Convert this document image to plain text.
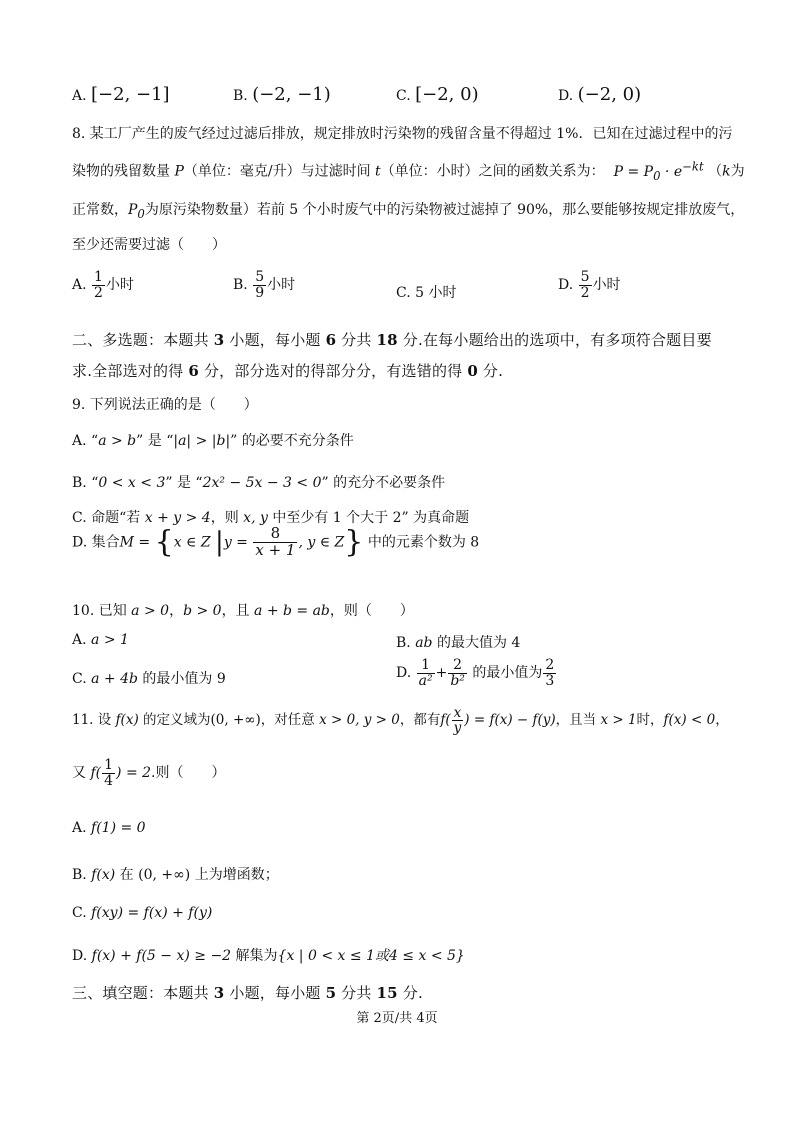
A. [−2, −1]	B. (−2, −1)	C. [−2, 0)	D. (−2, 0)
8. 某工厂产生的废气经过过滤后排放，规定排放时污染物的残留含量不得超过 1%．已知在过滤过程中的污
染物的残留数量 P（单位：毫克/升）与过滤时间 t（单位：小时）之间的函数关系为：  $P = P_0 \cdot e^{-kt}$ （k为
正常数，$P_0$为原污染物数量）若前 5 个小时废气中的污染物被过滤掉了 90%，那么要能够按规定排放废气，
至少还需要过滤（　　）
A. $\frac{1}{2}$ 小时	B. $\frac{5}{9}$ 小时	C. 5 小时	D. $\frac{5}{2}$ 小时
二、多选题：本题共 3 小题，每小题 6 分共 18 分.在每小题给出的选项中，有多项符合题目要
求.全部选对的得 6 分，部分选对的得部分分，有选错的得 0 分.
9. 下列说法正确的是（　　）
A. “a > b” 是 “|a| > |b|” 的必要不充分条件
B. “0 < x < 3” 是 “2x² − 5x − 3 < 0” 的充分不必要条件
C. 命题“若 x + y > 4，则 x, y 中至少有 1 个大于 2” 为真命题
D. 集合M = {x ∈ Z $|y = \frac{8}{x + 1}$ , y ∈ Z} 中的元素个数为 8
10. 已知 a > 0，b > 0，且 a + b = ab，则（　　）
A. a > 1	B. ab 的最大值为 4
C. a + 4b 的最小值为 9	D. $\frac{1}{\text{a²}} + \frac{2}{\text{b²}}$ 的最小值为 $\frac{2}{3}$
11. 设 f(x) 的定义域为(0, +∞)，对任意 x > 0, y > 0，都有$f( \frac{x}{y}$ ) = f(x) − f(y)，且当 x > 1时，f(x) < 0，
又 $f( \frac{1}{4}$ ) = 2.则（　　）
A. f(1) = 0
B. f(x) 在 (0, +∞) 上为增函数；
C. f(xy) = f(x) + f(y)
D. f(x) + f(5 − x) ≥ −2 解集为{x | 0 < x ≤ 1或4 ≤ x < 5}
三、填空题：本题共 3 小题，每小题 5 分共 15 分.
第 2页/共 4页
